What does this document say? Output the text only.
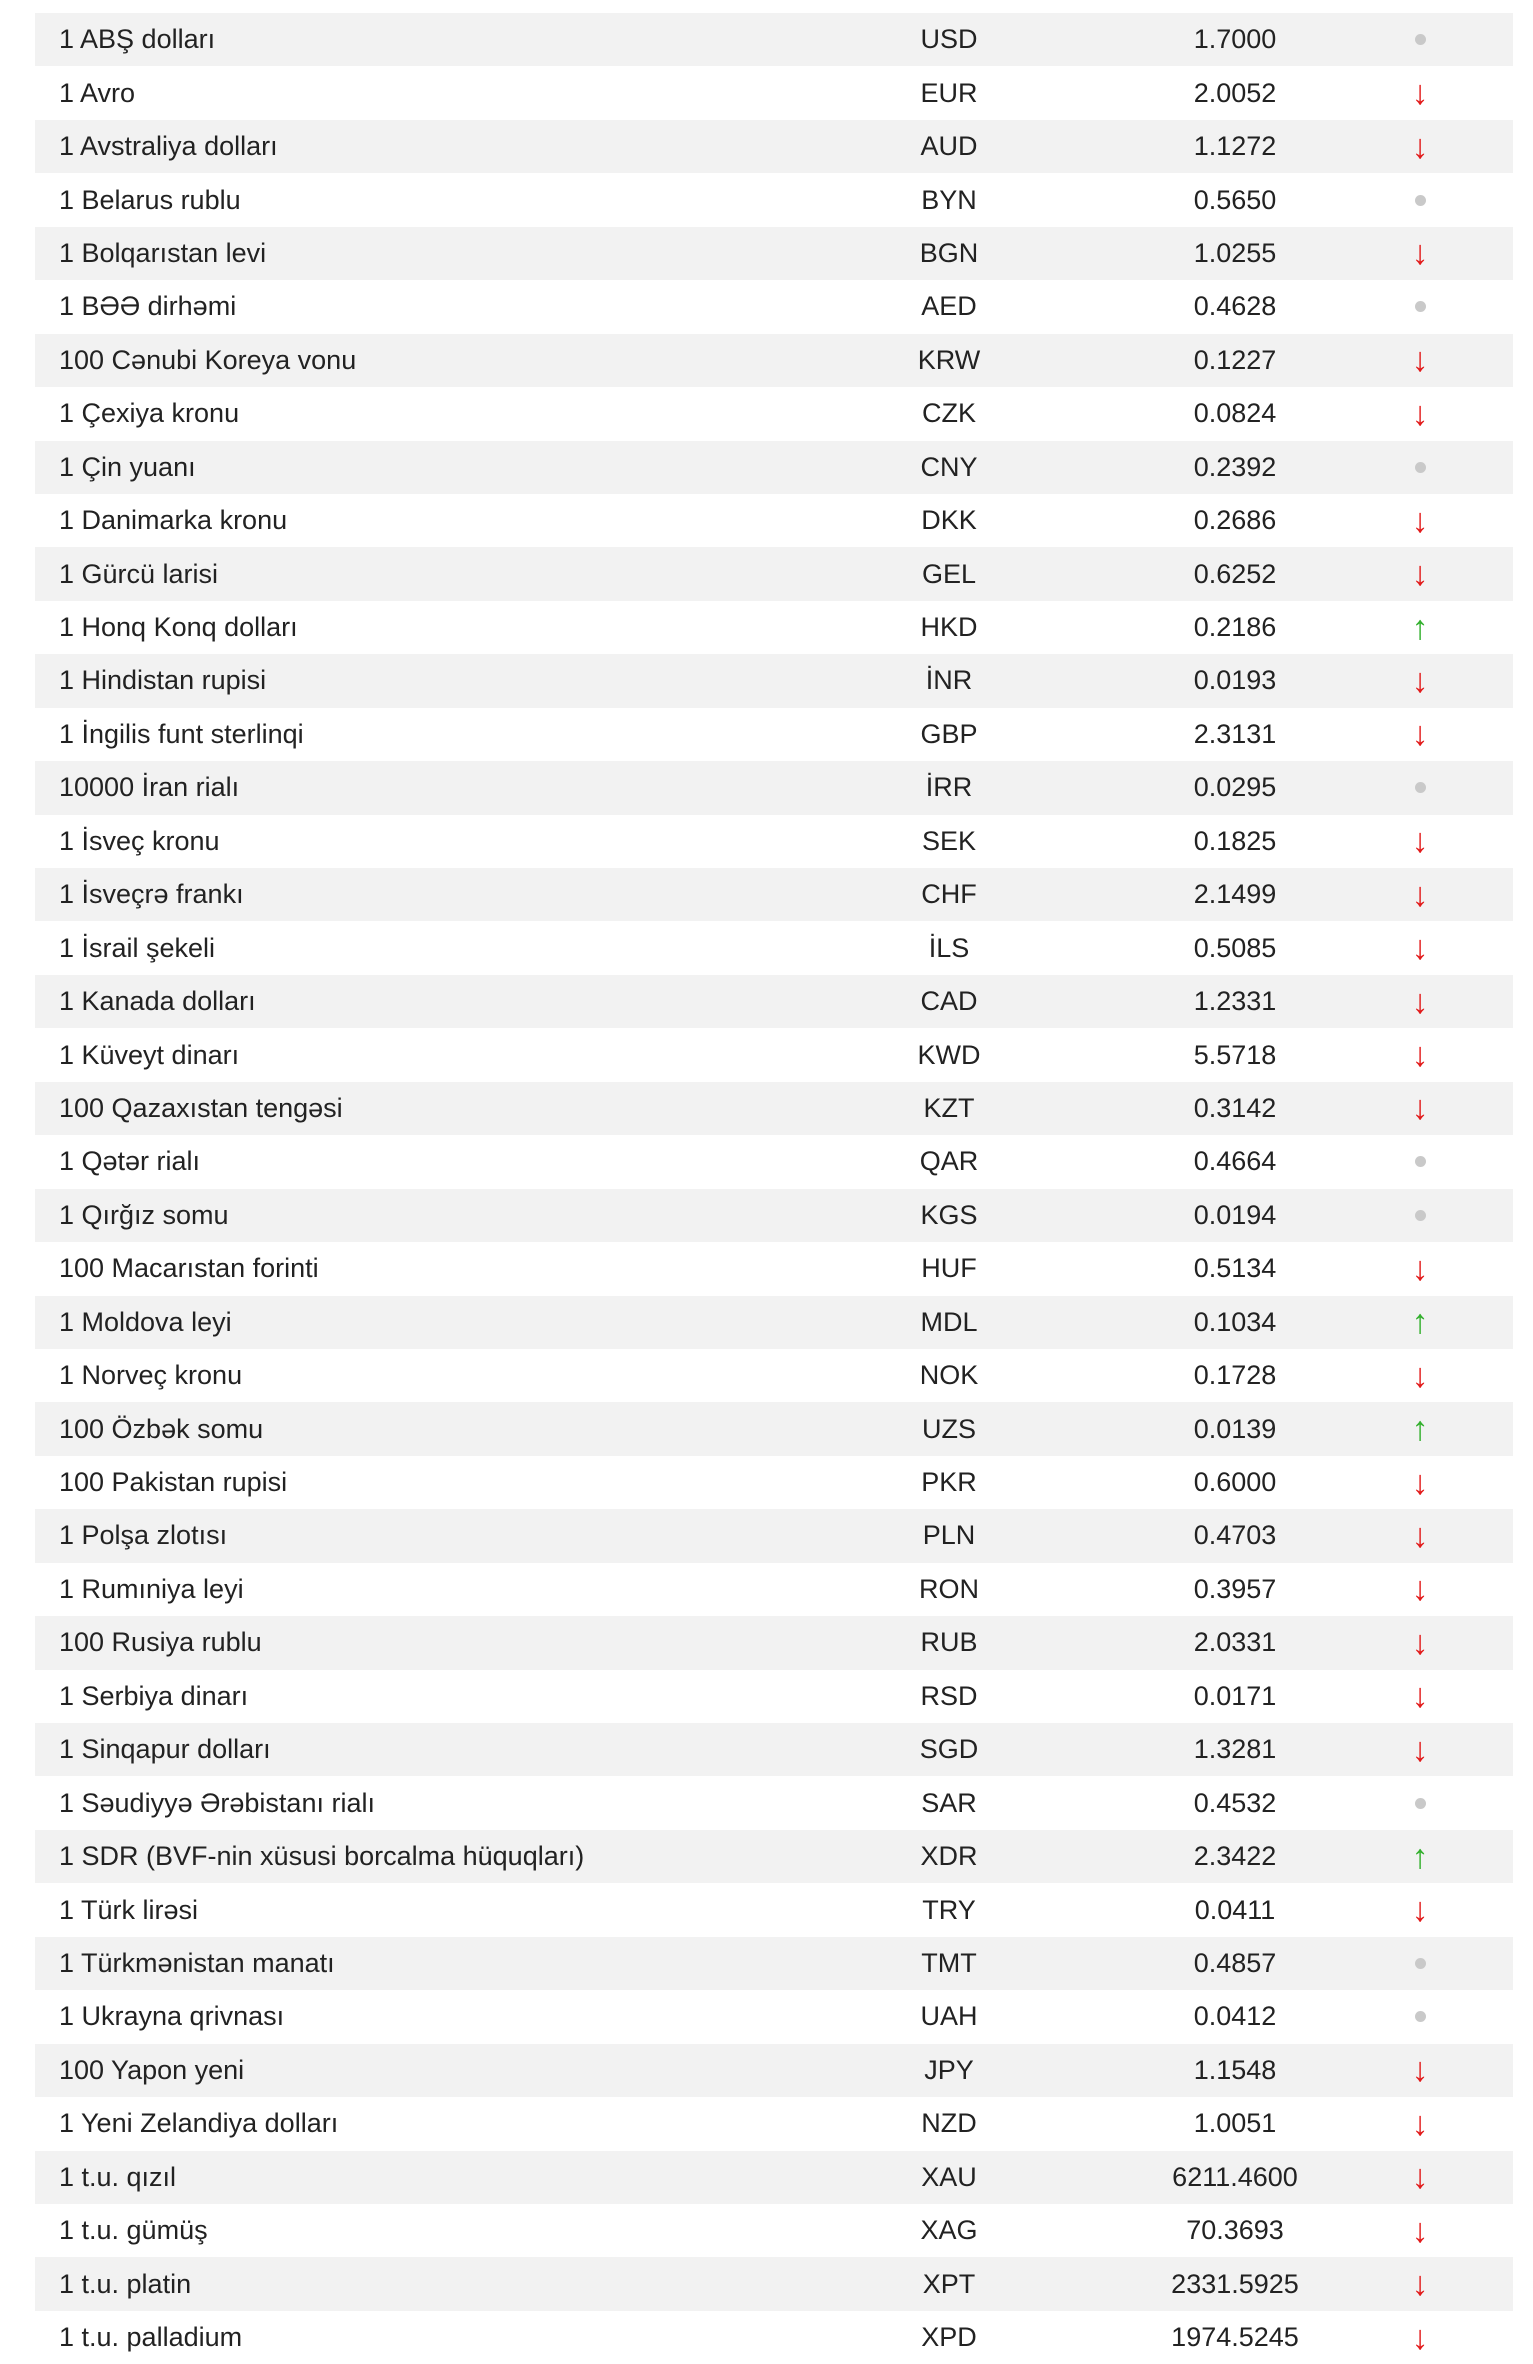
1 ABŞ dolları	USD	1.7000
1 Avro	EUR	2.0052	↓
1 Avstraliya dolları	AUD	1.1272	↓
1 Belarus rublu	BYN	0.5650
1 Bolqarıstan levi	BGN	1.0255	↓
1 BƏƏ dirhəmi	AED	0.4628
100 Cənubi Koreya vonu	KRW	0.1227	↓
1 Çexiya kronu	CZK	0.0824	↓
1 Çin yuanı	CNY	0.2392
1 Danimarka kronu	DKK	0.2686	↓
1 Gürcü larisi	GEL	0.6252	↓
1 Honq Konq dolları	HKD	0.2186	↑
1 Hindistan rupisi	İNR	0.0193	↓
1 İngilis funt sterlinqi	GBP	2.3131	↓
10000 İran rialı	İRR	0.0295
1 İsveç kronu	SEK	0.1825	↓
1 İsveçrə frankı	CHF	2.1499	↓
1 İsrail şekeli	İLS	0.5085	↓
1 Kanada dolları	CAD	1.2331	↓
1 Küveyt dinarı	KWD	5.5718	↓
100 Qazaxıstan tengəsi	KZT	0.3142	↓
1 Qətər rialı	QAR	0.4664
1 Qırğız somu	KGS	0.0194
100 Macarıstan forinti	HUF	0.5134	↓
1 Moldova leyi	MDL	0.1034	↑
1 Norveç kronu	NOK	0.1728	↓
100 Özbək somu	UZS	0.0139	↑
100 Pakistan rupisi	PKR	0.6000	↓
1 Polşa zlotısı	PLN	0.4703	↓
1 Rumıniya leyi	RON	0.3957	↓
100 Rusiya rublu	RUB	2.0331	↓
1 Serbiya dinarı	RSD	0.0171	↓
1 Sinqapur dolları	SGD	1.3281	↓
1 Səudiyyə Ərəbistanı rialı	SAR	0.4532
1 SDR (BVF-nin xüsusi borcalma hüquqları)	XDR	2.3422	↑
1 Türk lirəsi	TRY	0.0411	↓
1 Türkmənistan manatı	TMT	0.4857
1 Ukrayna qrivnası	UAH	0.0412
100 Yapon yeni	JPY	1.1548	↓
1 Yeni Zelandiya dolları	NZD	1.0051	↓
1 t.u. qızıl	XAU	6211.4600	↓
1 t.u. gümüş	XAG	70.3693	↓
1 t.u. platin	XPT	2331.5925	↓
1 t.u. palladium	XPD	1974.5245	↓
